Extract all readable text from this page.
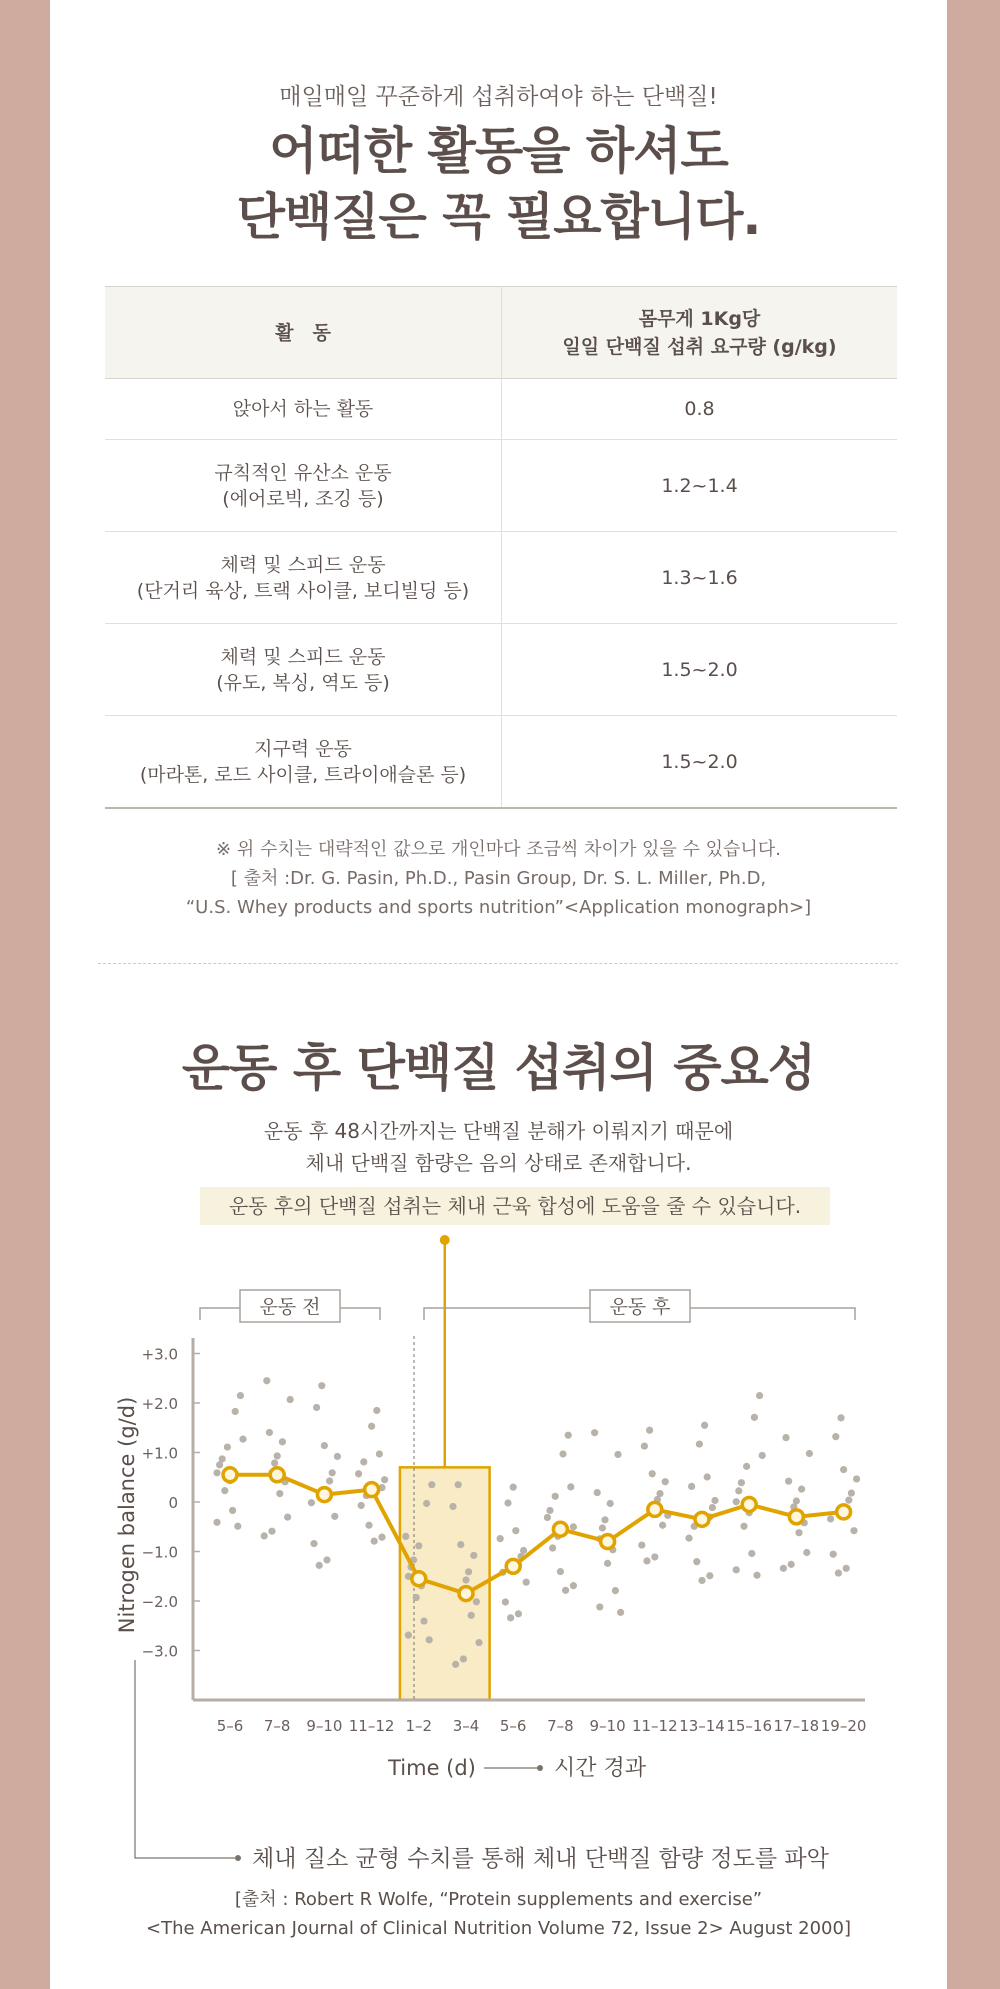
매일매일 꾸준하게 섭취하여야 하는 단백질!
어떠한 활동을 하셔도
단백질은 꼭 필요합니다.
활　동	몸무게 1Kg당
일일 단백질 섭취 요구량 (g/kg)

앉아서 하는 활동	0.8

규칙적인 유산소 운동
(에어로빅, 조깅 등)	1.2~1.4

체력 및 스피드 운동
(단거리 육상, 트랙 사이클, 보디빌딩 등)	1.3~1.6

체력 및 스피드 운동
(유도, 복싱, 역도 등)	1.5~2.0

지구력 운동
(마라톤, 로드 사이클, 트라이애슬론 등)	1.5~2.0
※ 위 수치는 대략적인 값으로 개인마다 조금씩 차이가 있을 수 있습니다.
[ 출처 :Dr. G. Pasin, Ph.D., Pasin Group, Dr. S. L. Miller, Ph.D,
“U.S. Whey products and sports nutrition”<Application monograph>]
운동 후 단백질 섭취의 중요성
운동 후 48시간까지는 단백질 분해가 이뤄지기 때문에
체내 단백질 함량은 음의 상태로 존재합니다.
운동 후의 단백질 섭취는 체내 근육 합성에 도움을 줄 수 있습니다.
운동 전	운동 후
+3.0
+2.0
+1.0
0
−1.0
−2.0
−3.0
5–6 7–8 9–10 11–12 1–2 3–4 5–6 7–8 9–10 11–12 13–14 15–16 17–18 19–20
Nitrogen balance (g/d)
Time (d)	시간 경과
체내 질소 균형 수치를 통해 체내 단백질 함량 정도를 파악
[출처 : Robert R Wolfe, “Protein supplements and exercise”
<The American Journal of Clinical Nutrition Volume 72, Issue 2> August 2000]
